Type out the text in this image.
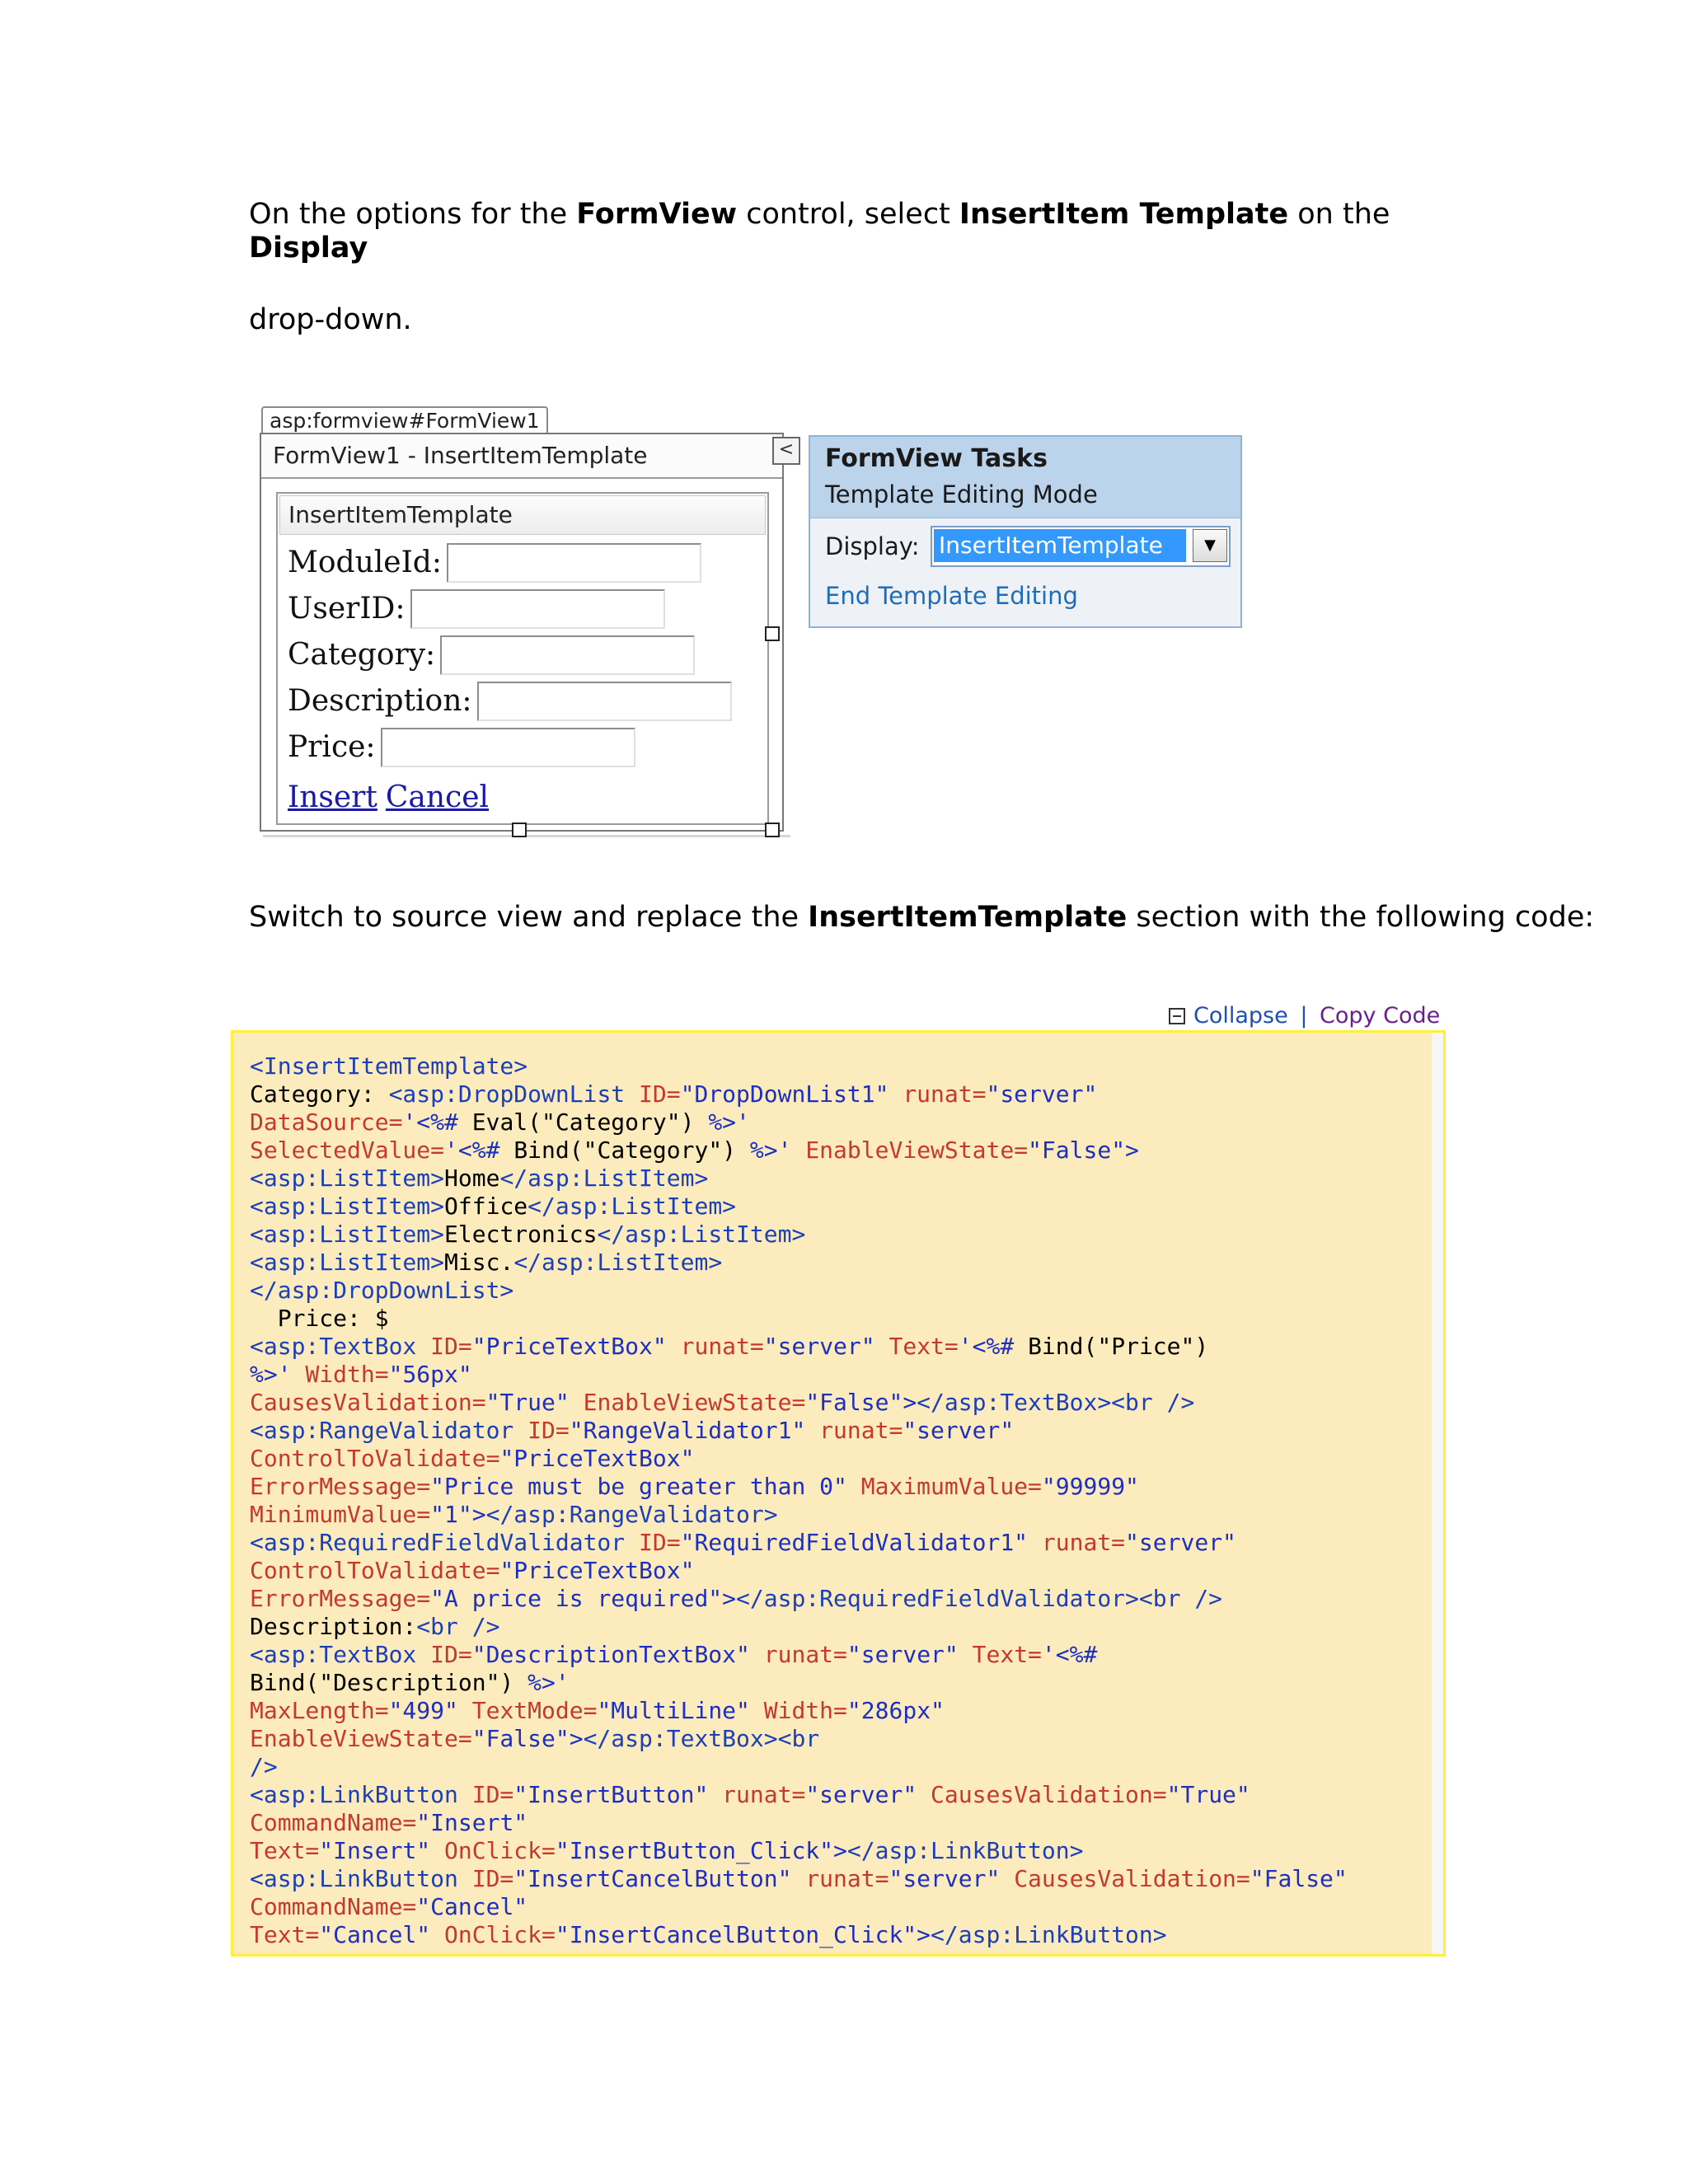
On the options for the FormView control, select InsertItem Template on the
Display

drop-down.

asp:formview#FormView1
FormView1 - InsertItemTemplate
InsertItemTemplate
ModuleId:
UserID:
Category:
Description:
Price:
Insert Cancel
< FormView Tasks
Template Editing Mode
Display: InsertItemTemplate	▼
End Template Editing

Switch to source view and replace the InsertItemTemplate section with the following code:

Collapse | Copy Code
<InsertItemTemplate>
Category: <asp:DropDownList ID="DropDownList1" runat="server"
DataSource='<%# Eval("Category") %>'
SelectedValue='<%# Bind("Category") %>' EnableViewState="False">
<asp:ListItem>Home</asp:ListItem>
<asp:ListItem>Office</asp:ListItem>
<asp:ListItem>Electronics</asp:ListItem>
<asp:ListItem>Misc.</asp:ListItem>
</asp:DropDownList>
Price: $
<asp:TextBox ID="PriceTextBox" runat="server" Text='<%# Bind("Price")
%>' Width="56px"
CausesValidation="True" EnableViewState="False"></asp:TextBox><br />
<asp:RangeValidator ID="RangeValidator1" runat="server"
ControlToValidate="PriceTextBox"
ErrorMessage="Price must be greater than 0" MaximumValue="99999"
MinimumValue="1"></asp:RangeValidator>
<asp:RequiredFieldValidator ID="RequiredFieldValidator1" runat="server"
ControlToValidate="PriceTextBox"
ErrorMessage="A price is required"></asp:RequiredFieldValidator><br />
Description:<br />
<asp:TextBox ID="DescriptionTextBox" runat="server" Text='<%#
Bind("Description") %>'
MaxLength="499" TextMode="MultiLine" Width="286px"
EnableViewState="False"></asp:TextBox><br
/>
<asp:LinkButton ID="InsertButton" runat="server" CausesValidation="True"
CommandName="Insert"
Text="Insert" OnClick="InsertButton_Click"></asp:LinkButton>
<asp:LinkButton ID="InsertCancelButton" runat="server" CausesValidation="False"
CommandName="Cancel"
Text="Cancel" OnClick="InsertCancelButton_Click"></asp:LinkButton>
